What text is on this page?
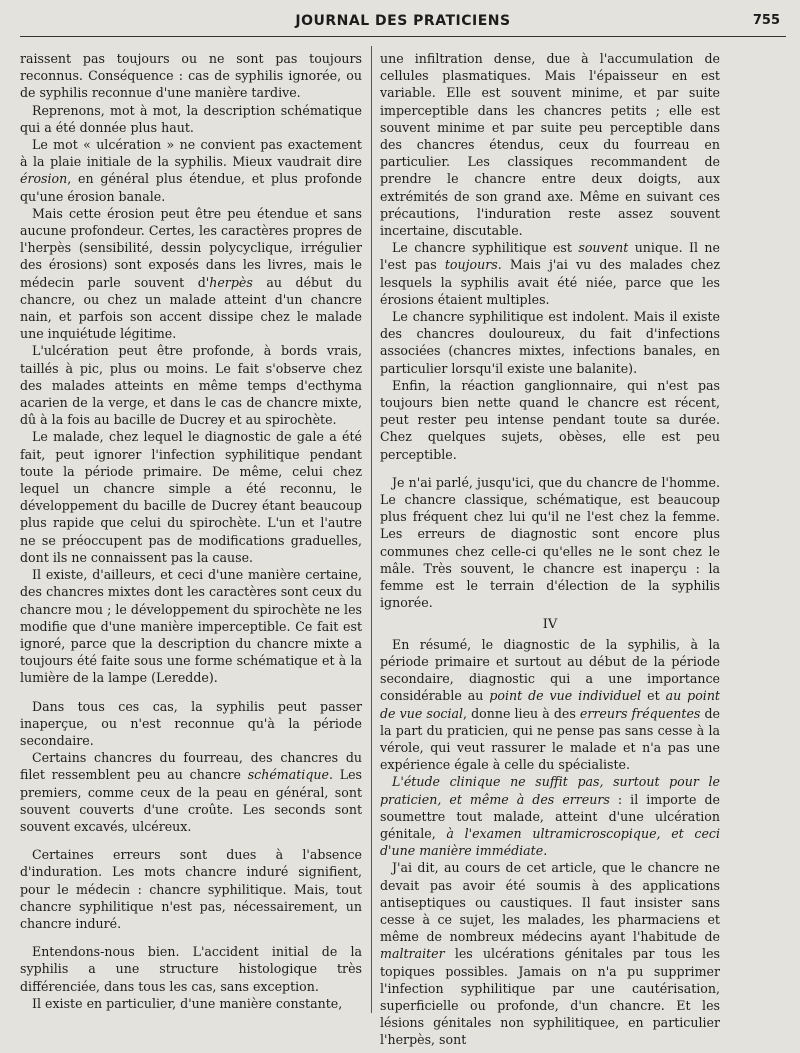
JOURNAL DES PRATICIENS	755

raissent pas toujours ou ne sont pas toujours reconnus. Conséquence : cas de syphilis ignorée, ou de syphilis reconnue d'une manière tardive.

Reprenons, mot à mot, la description schématique qui a été donnée plus haut.

Le mot « ulcération » ne convient pas exactement à la plaie initiale de la syphilis. Mieux vaudrait dire érosion, en général plus étendue, et plus profonde qu'une érosion banale.

Mais cette érosion peut être peu étendue et sans aucune profondeur. Certes, les caractères propres de l'herpès (sensibilité, dessin polycyclique, irrégulier des érosions) sont exposés dans les livres, mais le médecin parle souvent d'herpès au début du chancre, ou chez un malade atteint d'un chancre nain, et parfois son accent dissipe chez le malade une inquiétude légitime.

L'ulcération peut être profonde, à bords vrais, taillés à pic, plus ou moins. Le fait s'observe chez des malades atteints en même temps d'ecthyma acarien de la verge, et dans le cas de chancre mixte, dû à la fois au bacille de Ducrey et au spirochète.

Le malade, chez lequel le diagnostic de gale a été fait, peut ignorer l'infection syphilitique pendant toute la période primaire. De même, celui chez lequel un chancre simple a été reconnu, le développement du bacille de Ducrey étant beaucoup plus rapide que celui du spirochète. L'un et l'autre ne se préoccupent pas de modifications graduelles, dont ils ne connaissent pas la cause.

Il existe, d'ailleurs, et ceci d'une manière certaine, des chancres mixtes dont les caractères sont ceux du chancre mou ; le développement du spirochète ne les modifie que d'une manière imperceptible. Ce fait est ignoré, parce que la description du chancre mixte a toujours été faite sous une forme schématique et à la lumière de la lampe (Leredde).

Dans tous ces cas, la syphilis peut passer inaperçue, ou n'est reconnue qu'à la période secondaire.

Certains chancres du fourreau, des chancres du filet ressemblent peu au chancre schématique. Les premiers, comme ceux de la peau en général, sont souvent couverts d'une croûte. Les seconds sont souvent excavés, ulcéreux.

Certaines erreurs sont dues à l'absence d'induration. Les mots chancre induré signifient, pour le médecin : chancre syphilitique. Mais, tout chancre syphilitique n'est pas, nécessairement, un chancre induré.

Entendons-nous bien. L'accident initial de la syphilis a une structure histologique très différenciée, dans tous les cas, sans exception.

Il existe en particulier, d'une manière constante,

une infiltration dense, due à l'accumulation de cellules plasmatiques. Mais l'épaisseur en est variable. Elle est souvent minime, et par suite imperceptible dans les chancres petits ; elle est souvent minime et par suite peu perceptible dans des chancres étendus, ceux du fourreau en particulier. Les classiques recommandent de prendre le chancre entre deux doigts, aux extrémités de son grand axe. Même en suivant ces précautions, l'induration reste assez souvent incertaine, discutable.

Le chancre syphilitique est souvent unique. Il ne l'est pas toujours. Mais j'ai vu des malades chez lesquels la syphilis avait été niée, parce que les érosions étaient multiples.

Le chancre syphilitique est indolent. Mais il existe des chancres douloureux, du fait d'infections associées (chancres mixtes, infections banales, en particulier lorsqu'il existe une balanite).

Enfin, la réaction ganglionnaire, qui n'est pas toujours bien nette quand le chancre est récent, peut rester peu intense pendant toute sa durée. Chez quelques sujets, obèses, elle est peu perceptible.

Je n'ai parlé, jusqu'ici, que du chancre de l'homme. Le chancre classique, schématique, est beaucoup plus fréquent chez lui qu'il ne l'est chez la femme. Les erreurs de diagnostic sont encore plus communes chez celle-ci qu'elles ne le sont chez le mâle. Très souvent, le chancre est inaperçu : la femme est le terrain d'élection de la syphilis ignorée.

IV

En résumé, le diagnostic de la syphilis, à la période primaire et surtout au début de la période secondaire, diagnostic qui a une importance considérable au point de vue individuel et au point de vue social, donne lieu à des erreurs fréquentes de la part du praticien, qui ne pense pas sans cesse à la vérole, qui veut rassurer le malade et n'a pas une expérience égale à celle du spécialiste.

L'étude clinique ne suffit pas, surtout pour le praticien, et même à des erreurs : il importe de soumettre tout malade, atteint d'une ulcération génitale, à l'examen ultramicroscopique, et ceci d'une manière immédiate.

J'ai dit, au cours de cet article, que le chancre ne devait pas avoir été soumis à des applications antiseptiques ou caustiques. Il faut insister sans cesse à ce sujet, les malades, les pharmaciens et même de nombreux médecins ayant l'habitude de maltraiter les ulcérations génitales par tous les topiques possibles. Jamais on n'a pu supprimer l'infection syphilitique par une cautérisation, superficielle ou profonde, d'un chancre. Et les lésions génitales non syphilitiquee, en particulier l'herpès, sont
